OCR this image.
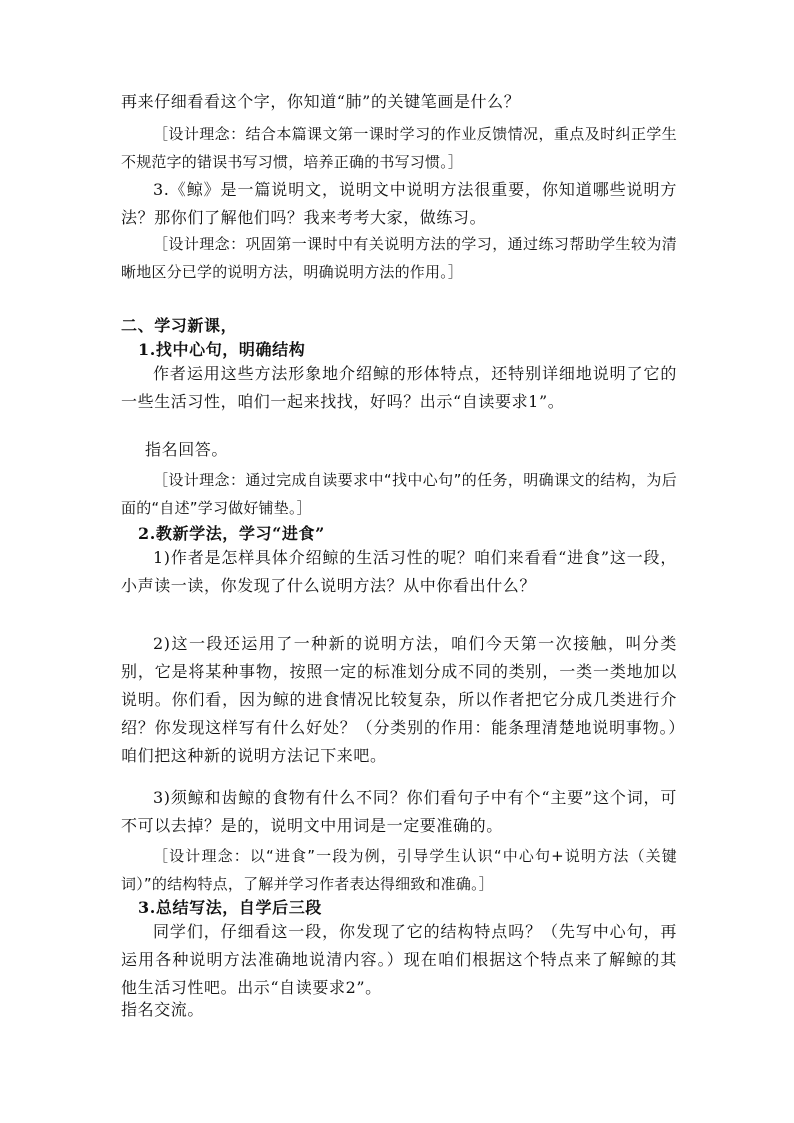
再来仔细看看这个字，你知道“肺”的关键笔画是什么？
［设计理念：结合本篇课文第一课时学习的作业反馈情况，重点及时纠正学生不规范字的错误书写习惯，培养正确的书写习惯。］
3.《鲸》是一篇说明文，说明文中说明方法很重要，你知道哪些说明方法？那你们了解他们吗？我来考考大家，做练习。
［设计理念：巩固第一课时中有关说明方法的学习，通过练习帮助学生较为清晰地区分已学的说明方法，明确说明方法的作用。］
二、学习新课，
1.找中心句，明确结构
作者运用这些方法形象地介绍鲸的形体特点，还特别详细地说明了它的一些生活习性，咱们一起来找找，好吗？出示“自读要求1”。
指名回答。
［设计理念：通过完成自读要求中“找中心句”的任务，明确课文的结构，为后面的“自述”学习做好铺垫。］
2.教新学法，学习“进食”
1)作者是怎样具体介绍鲸的生活习性的呢？咱们来看看“进食”这一段，小声读一读，你发现了什么说明方法？从中你看出什么？
2)这一段还运用了一种新的说明方法，咱们今天第一次接触，叫分类别，它是将某种事物，按照一定的标准划分成不同的类别，一类一类地加以说明。你们看，因为鲸的进食情况比较复杂，所以作者把它分成几类进行介绍？你发现这样写有什么好处？（分类别的作用：能条理清楚地说明事物。）咱们把这种新的说明方法记下来吧。
3)须鲸和齿鲸的食物有什么不同？你们看句子中有个“主要”这个词，可不可以去掉？是的，说明文中用词是一定要准确的。
［设计理念：以“进食”一段为例，引导学生认识“中心句+说明方法（关键词）”的结构特点，了解并学习作者表达得细致和准确。］
3.总结写法，自学后三段
同学们，仔细看这一段，你发现了它的结构特点吗？（先写中心句，再运用各种说明方法准确地说清内容。）现在咱们根据这个特点来了解鲸的其他生活习性吧。出示“自读要求2”。
指名交流。
